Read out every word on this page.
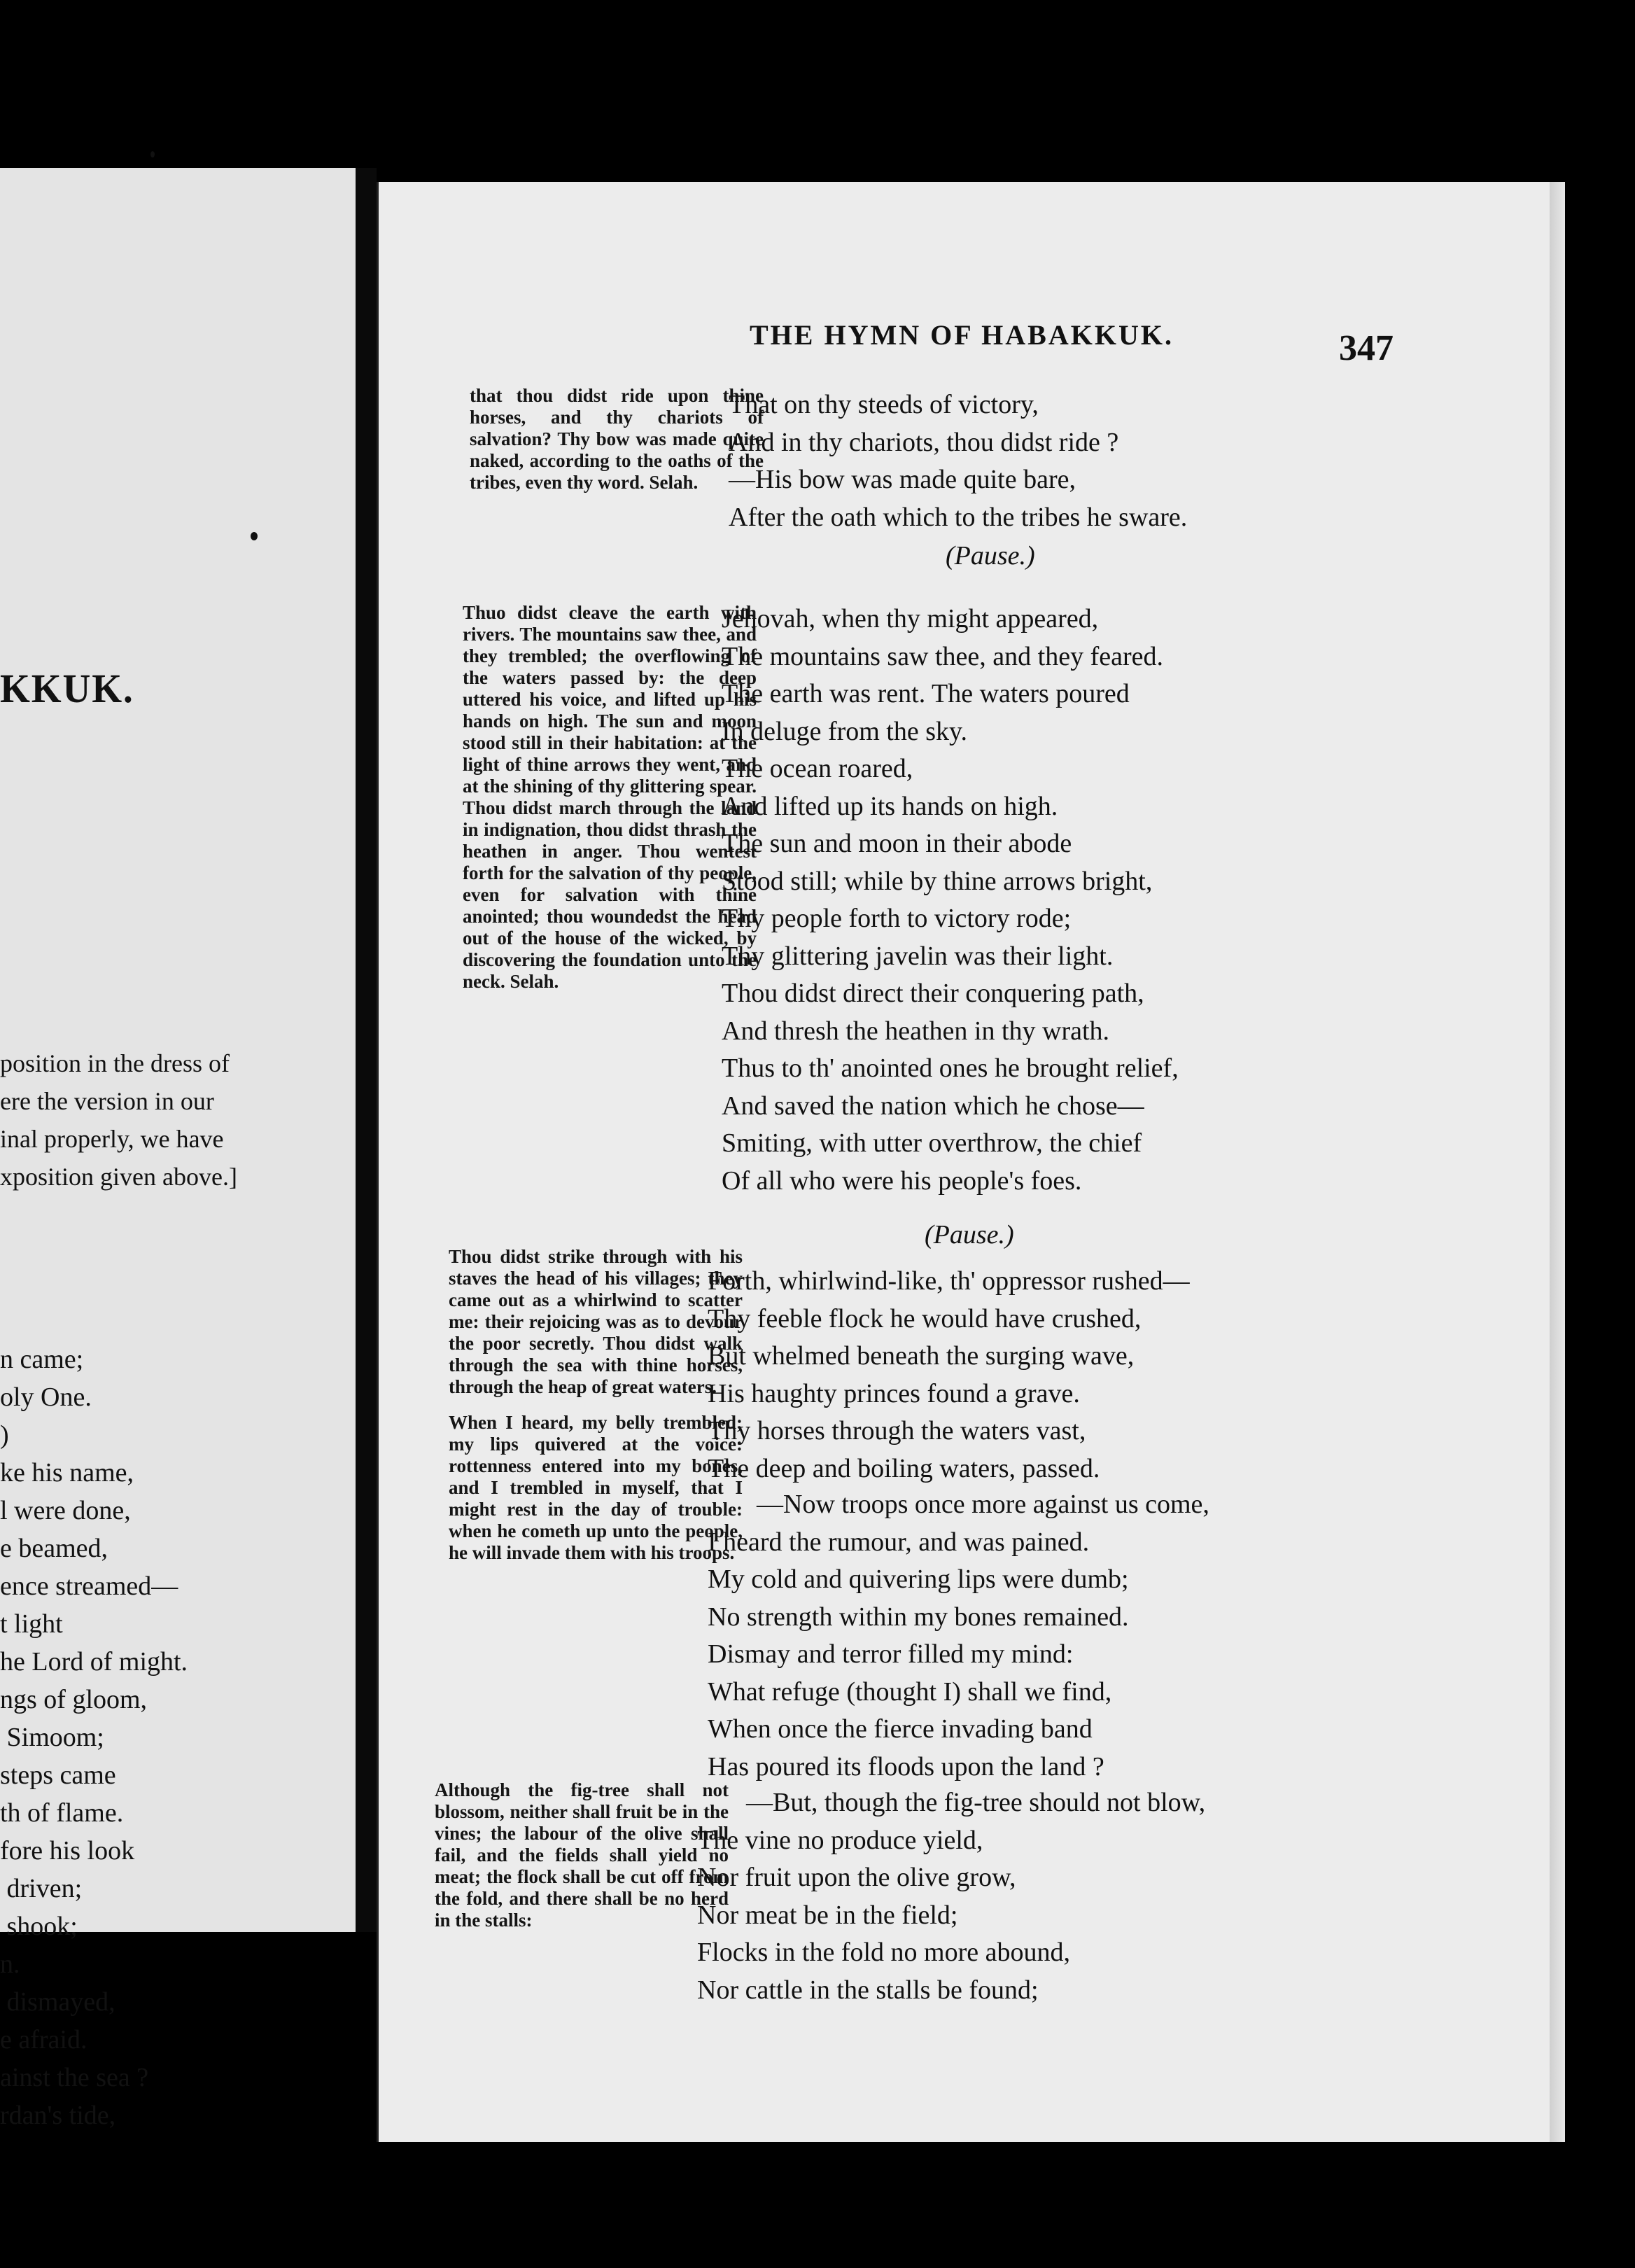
KKUK.
position in the dress of
ere the version in our
inal properly, we have
xposition given above.]
n came;
oly One.
)
ke his name,
l were done,
e beamed,
ence streamed—
t light
he Lord of might.
ngs of gloom,
Simoom;
steps came
th of flame.
fore his look
driven;
shook;
n.
dismayed,
e afraid.
ainst the sea ?
rdan's tide,
THE HYMN OF HABAKKUK.	347

that thou didst ride upon thine horses, and thy chariots of salvation? Thy bow was made quite naked, according to the oaths of the tribes, even thy word. Selah.

Thuo didst cleave the earth with rivers. The mountains saw thee, and they trembled; the overflowing of the waters passed by: the deep uttered his voice, and lifted up his hands on high. The sun and moon stood still in their habitation: at the light of thine arrows they went, and at the shining of thy glittering spear. Thou didst march through the land in indignation, thou didst thrash the heathen in anger. Thou wentest forth for the salvation of thy people, even for salvation with thine anointed; thou woundedst the head out of the house of the wicked, by discovering the foundation unto the neck. Selah.

Thou didst strike through with his staves the head of his villages; they came out as a whirlwind to scatter me: their rejoicing was as to devour the poor secretly. Thou didst walk through the sea with thine horses, through the heap of great waters.

When I heard, my belly trembled; my lips quivered at the voice: rottenness entered into my bones, and I trembled in myself, that I might rest in the day of trouble: when he cometh up unto the people, he will invade them with his troops.

Although the fig-tree shall not blossom, neither shall fruit be in the vines; the labour of the olive shall fail, and the fields shall yield no meat; the flock shall be cut off from the fold, and there shall be no herd in the stalls:

That on thy steeds of victory,
And in thy chariots, thou didst ride ?
—His bow was made quite bare,
After the oath which to the tribes he sware.
(Pause.)
Jehovah, when thy might appeared,
The mountains saw thee, and they feared.
The earth was rent. The waters poured
In deluge from the sky.
The ocean roared,
And lifted up its hands on high.
The sun and moon in their abode
Stood still; while by thine arrows bright,
Thy people forth to victory rode;
Thy glittering javelin was their light.
Thou didst direct their conquering path,
And thresh the heathen in thy wrath.
Thus to th' anointed ones he brought relief,
And saved the nation which he chose—
Smiting, with utter overthrow, the chief
Of all who were his people's foes.
(Pause.)
Forth, whirlwind-like, th' oppressor rushed—
Thy feeble flock he would have crushed,
But whelmed beneath the surging wave,
His haughty princes found a grave.
Thy horses through the waters vast,
The deep and boiling waters, passed.
—Now troops once more against us come,
I heard the rumour, and was pained.
My cold and quivering lips were dumb;
No strength within my bones remained.
Dismay and terror filled my mind:
What refuge (thought I) shall we find,
When once the fierce invading band
Has poured its floods upon the land ?
—But, though the fig-tree should not blow,
The vine no produce yield,
Nor fruit upon the olive grow,
Nor meat be in the field;
Flocks in the fold no more abound,
Nor cattle in the stalls be found;
